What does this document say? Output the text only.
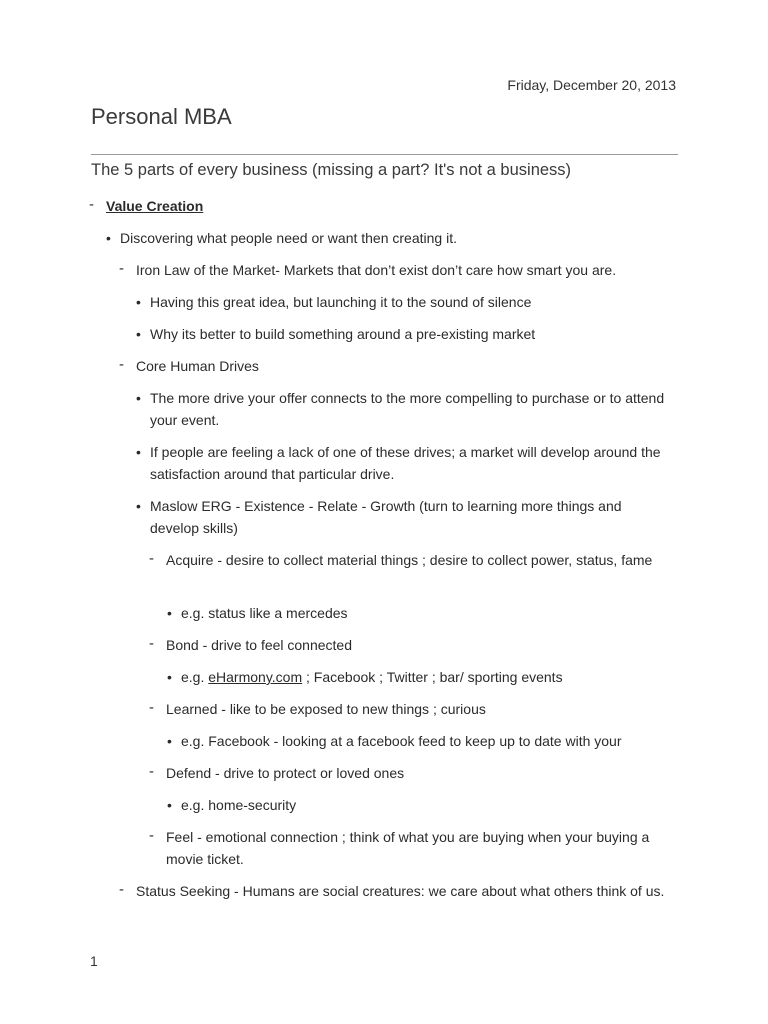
Friday, December 20, 2013
Personal MBA
The 5 parts of every business (missing a part? It's not a business)
- Value Creation
• Discovering what people need or want then creating it.
- Iron Law of the Market- Markets that don’t exist don’t care how smart you are.
• Having this great idea, but launching it to the sound of silence
• Why its better to build something around a pre-existing market
- Core Human Drives
• The more drive your offer connects to the more compelling to purchase or to attend your event.
• If people are feeling a lack of one of these drives; a market will develop around the satisfaction around that particular drive.
• Maslow ERG - Existence - Relate - Growth (turn to learning more things and develop skills)
- Acquire - desire to collect material things ; desire to collect power, status, fame
• e.g. status like a mercedes
- Bond - drive to feel connected
• e.g. eHarmony.com ; Facebook ; Twitter ; bar/ sporting events
- Learned - like to be exposed to new things ; curious
• e.g. Facebook - looking at a facebook feed to keep up to date with your
- Defend - drive to protect or loved ones
• e.g. home-security
- Feel - emotional connection ; think of what you are buying when your buying a movie ticket.
- Status Seeking - Humans are social creatures: we care about what others think of us.
1
